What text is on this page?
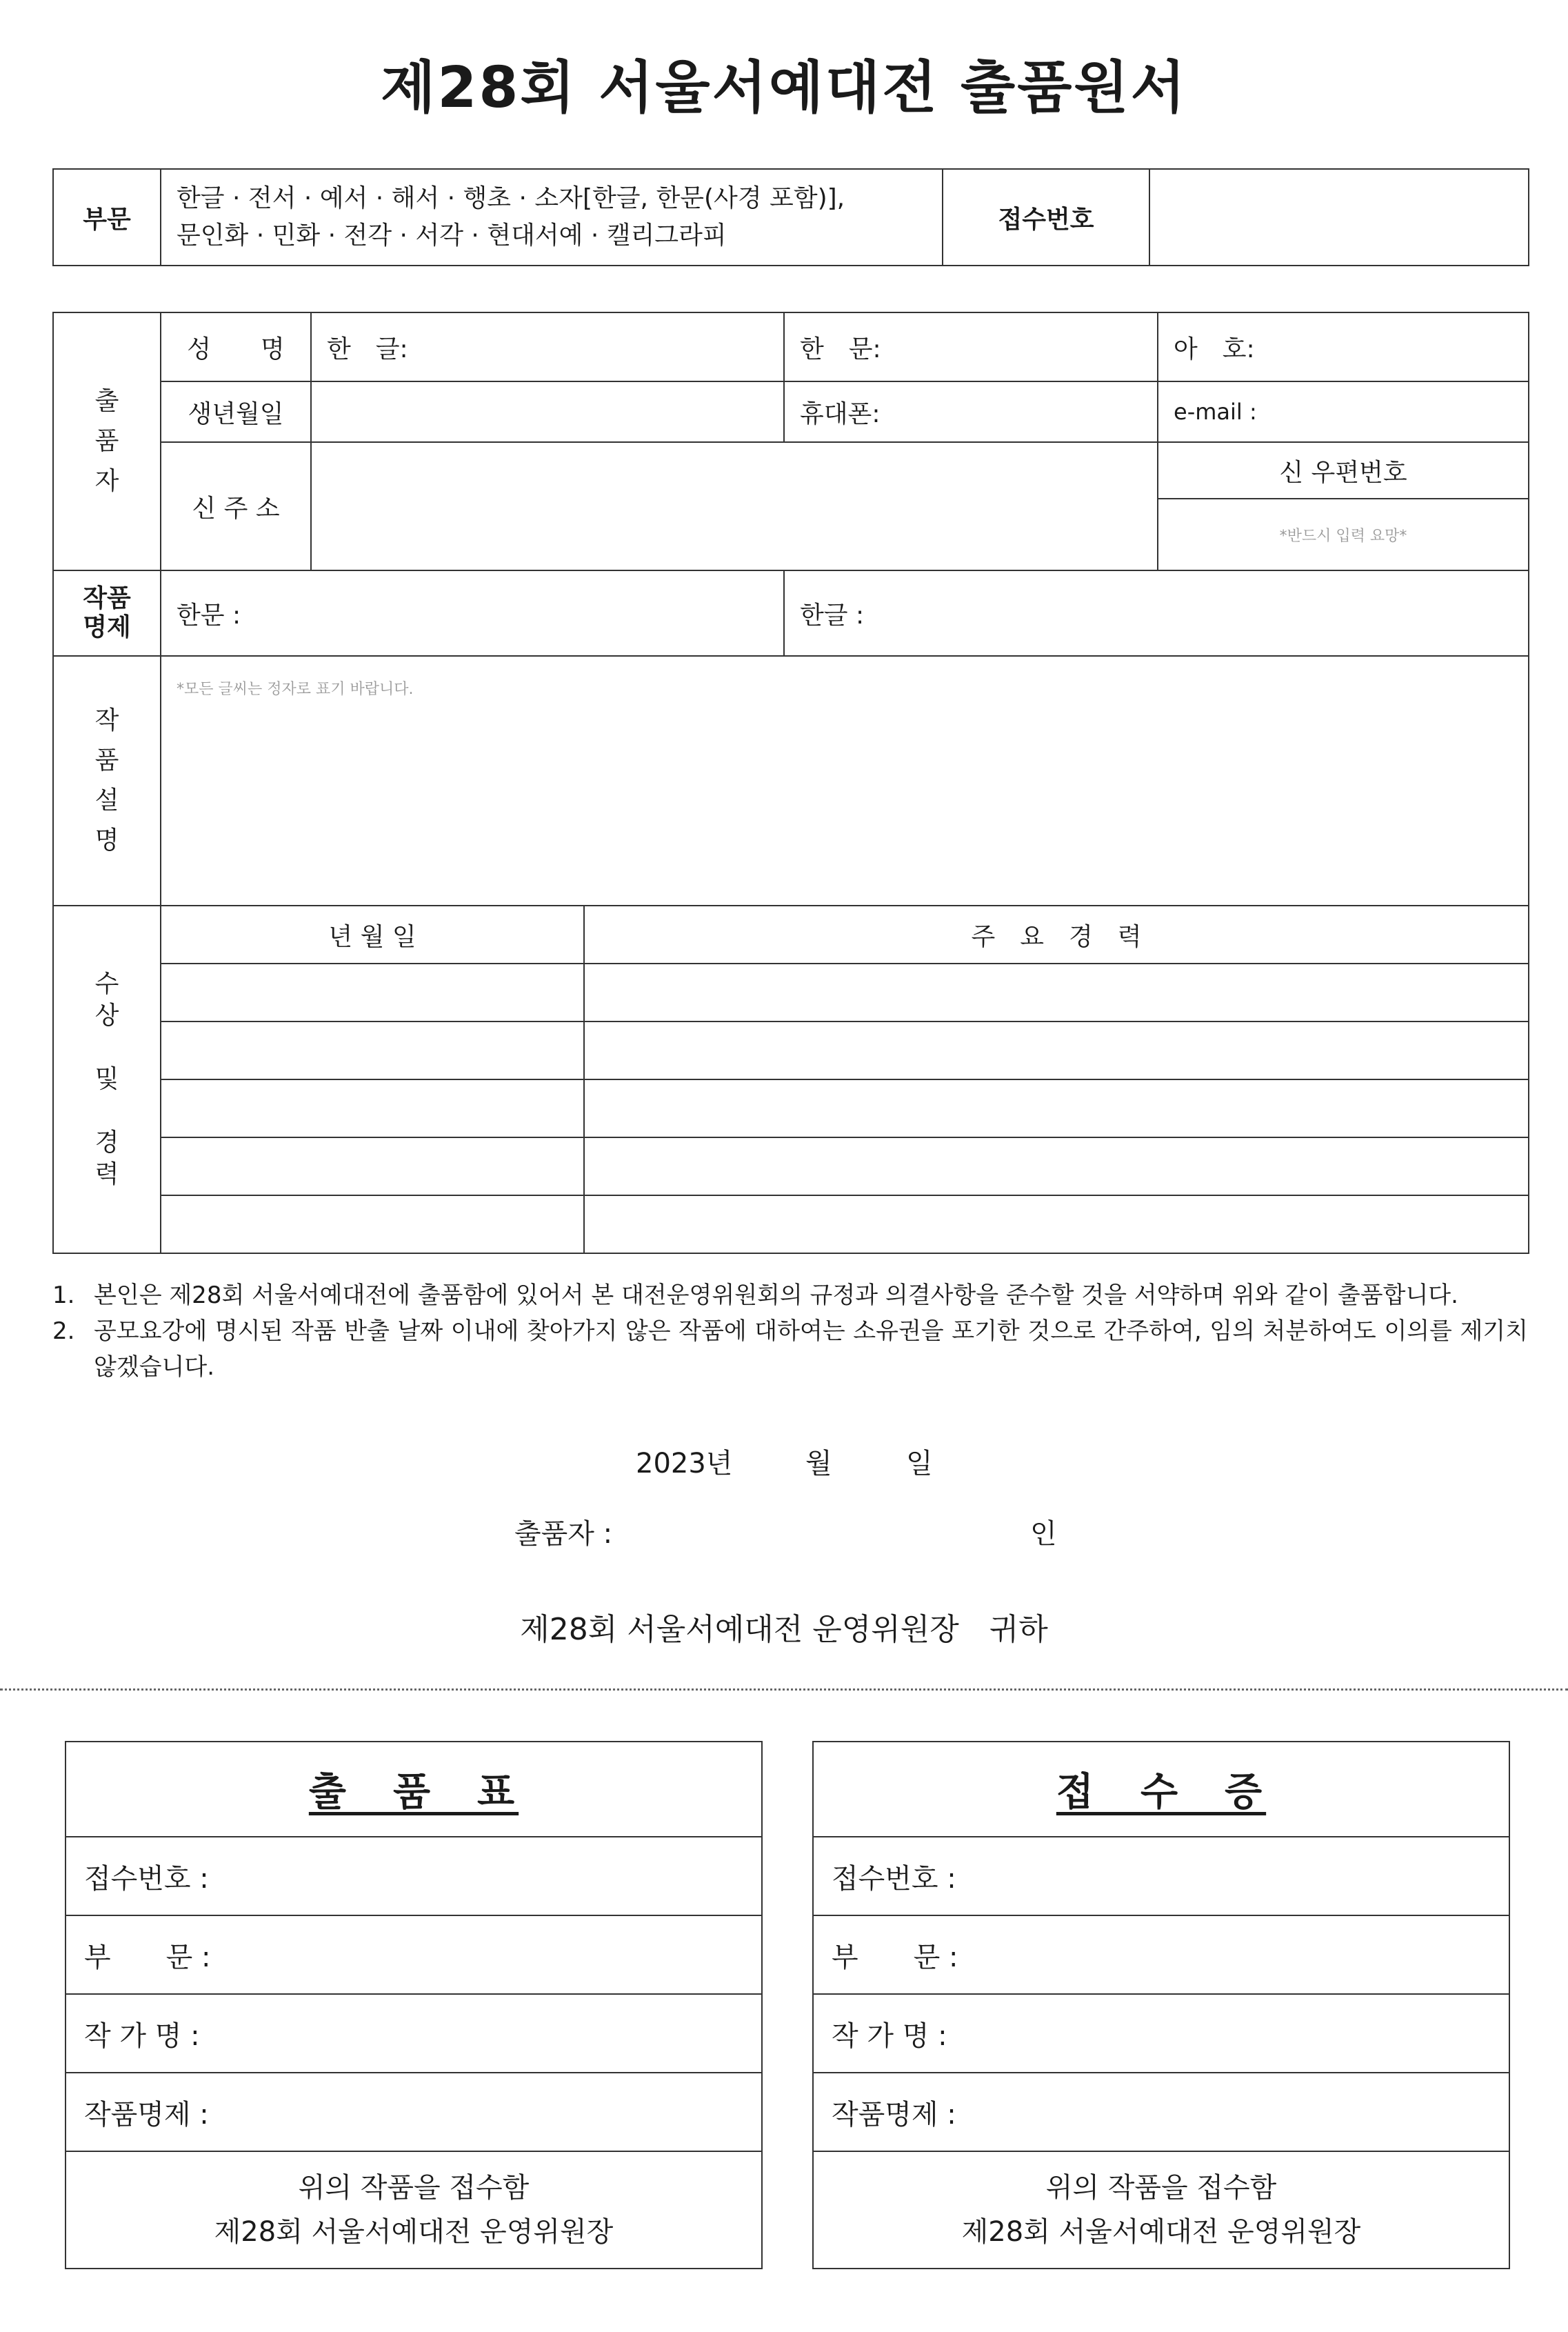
제28회 서울서예대전 출품원서
부문	
한글 · 전서 · 예서 · 해서 · 행초 · 소자[한글, 한문(사경 포함)],
문인화 · 민화 · 전각 · 서각 · 현대서예 · 캘리그라피
	접수번호	
출
품
자	성　　명	한　글:		한　문:	아　호:
	생년월일			휴대폰:	e-mail :
	신 주 소				신 우편번호
					*반드시 입력 요망*

작품
명제	한문 :			한글 :	

작
품
설
명	*모든 글씨는 정자로 표기 바랍니다.				

수
상

및

경
력	년 월 일		주　요　경　력		

1. 본인은 제28회 서울서예대전에 출품함에 있어서 본 대전운영위원회의 규정과 의결사항을 준수할 것을 서약하며 위와 같이 출품합니다.
2. 공모요강에 명시된 작품 반출 날짜 이내에 찾아가지 않은 작품에 대하여는 소유권을 포기한 것으로 간주하여, 임의 처분하여도 이의를 제기치 않겠습니다.
2023년	월	일
출품자 :	인
제28회 서울서예대전 운영위원장　귀하
출　품　표
접수번호 :
부　　문 :
작 가 명 :
작품명제 :

위의 작품을 접수함
제28회 서울서예대전 운영위원장
접　수　증
접수번호 :
부　　문 :
작 가 명 :
작품명제 :

위의 작품을 접수함
제28회 서울서예대전 운영위원장
